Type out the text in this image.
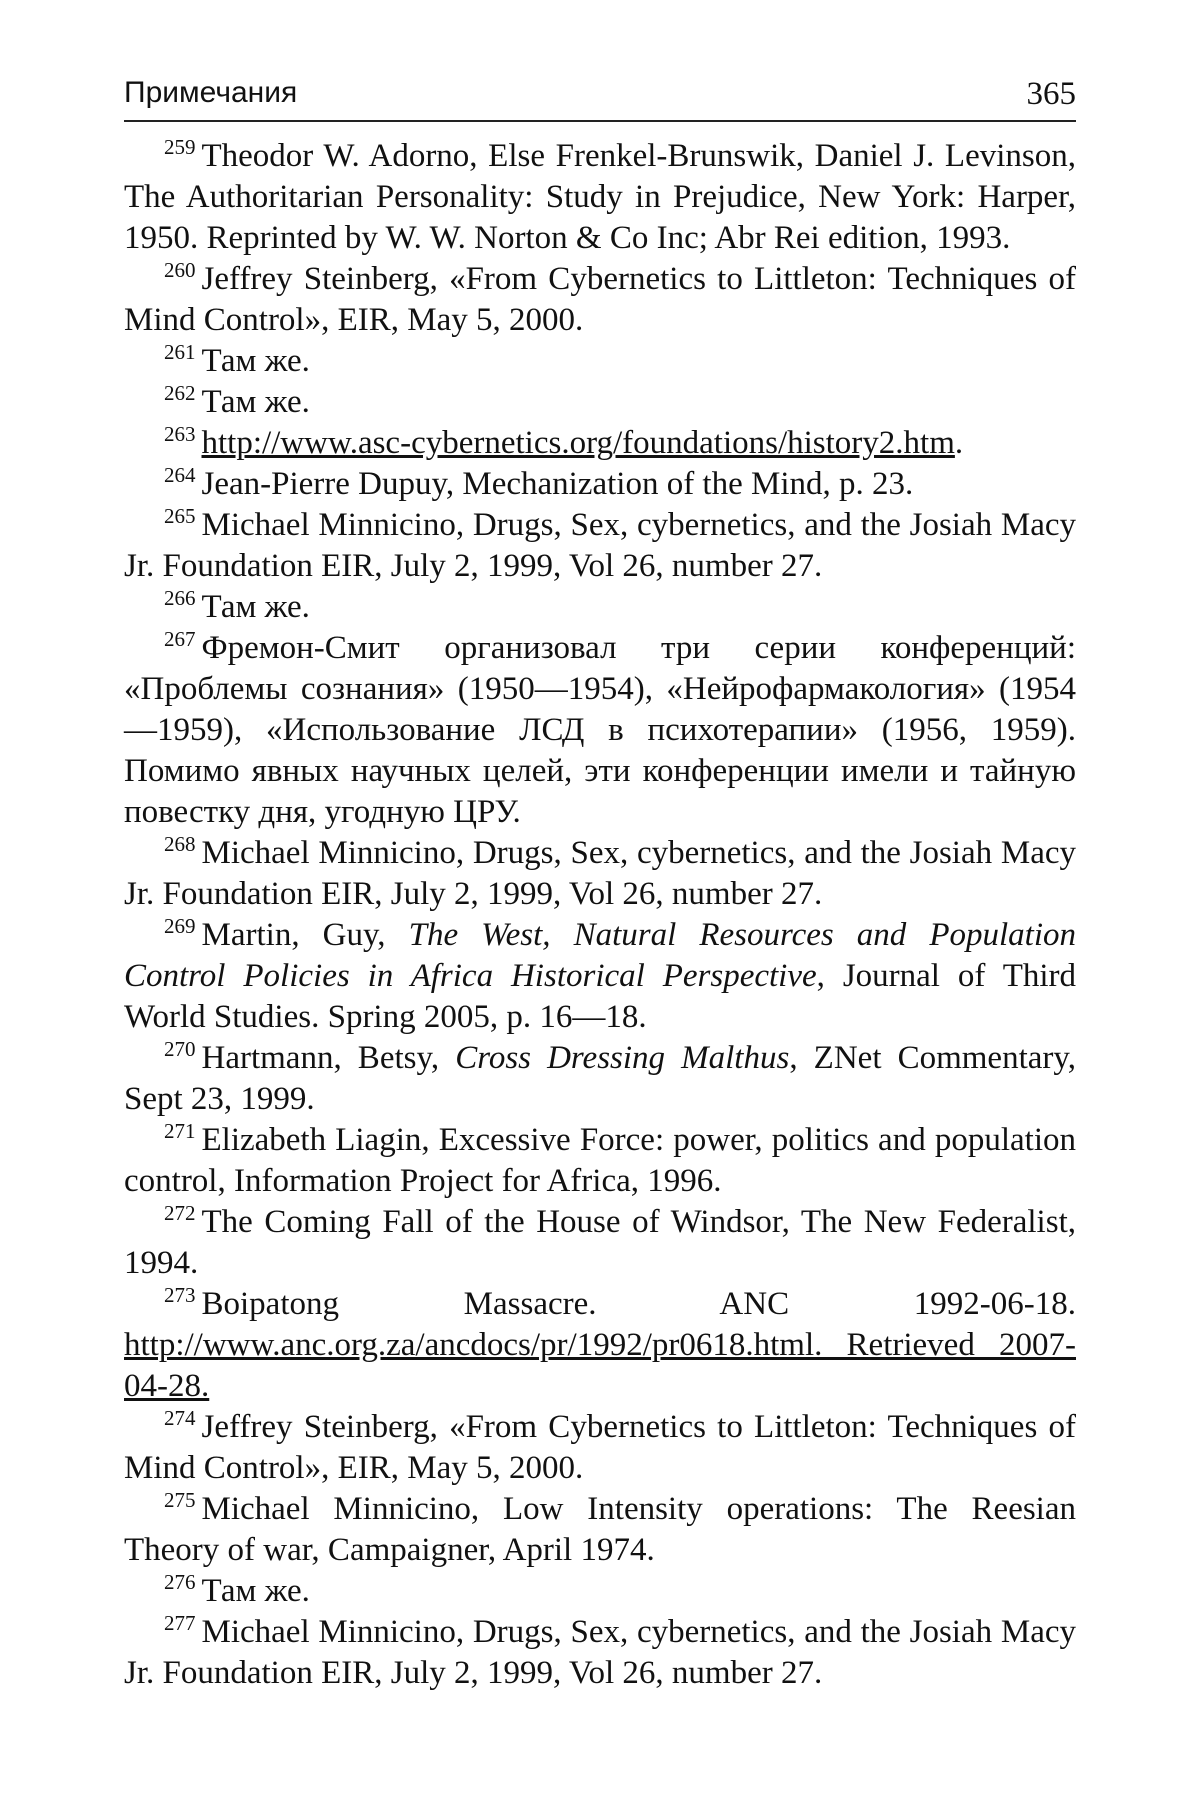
Примечания	365

$^{259}$ Theodor W. Adorno, Else Frenkel-Brunswik, Daniel J. Levinson, The Authoritarian Personality: Study in Prejudice, New York: Harper, 1950. Reprinted by W. W. Norton & Co Inc; Abr Rei edition, 1993.

$^{260}$ Jeffrey Steinberg, «From Cybernetics to Littleton: Techniques of Mind Control», EIR, May 5, 2000.

$^{261}$ Там же.

$^{262}$ Там же.

$^{263}$ http://www.asc-cybernetics.org/foundations/history2.htm.

$^{264}$ Jean-Pierre Dupuy, Mechanization of the Mind, p. 23.

$^{265}$ Michael Minnicino, Drugs, Sex, cybernetics, and the Josiah Macy Jr. Foundation EIR, July 2, 1999, Vol 26, number 27.

$^{266}$ Там же.

$^{267}$ Фремон-Смит организовал три серии конференций: «Проблемы сознания» (1950—1954), «Нейрофармакология» (1954—1959), «Использование ЛСД в психотерапии» (1956, 1959). Помимо явных научных целей, эти конференции имели и тайную повестку дня, угодную ЦРУ.

$^{268}$ Michael Minnicino, Drugs, Sex, cybernetics, and the Josiah Macy Jr. Foundation EIR, July 2, 1999, Vol 26, number 27.

$^{269}$ Martin, Guy, The West, Natural Resources and Population Control Policies in Africa Historical Perspective, Journal of Third World Studies. Spring 2005, p. 16—18.

$^{270}$ Hartmann, Betsy, Cross Dressing Malthus, ZNet Commentary, Sept 23, 1999.

$^{271}$ Elizabeth Liagin, Excessive Force: power, politics and population control, Information Project for Africa, 1996.

$^{272}$ The Coming Fall of the House of Windsor, The New Federalist, 1994.

$^{273}$ Boipatong Massacre. ANC 1992-06-18. http://www.anc.org.za/ancdocs/pr/1992/pr0618.html. Retrieved 2007-04-28.

$^{274}$ Jeffrey Steinberg, «From Cybernetics to Littleton: Techniques of Mind Control», EIR, May 5, 2000.

$^{275}$ Michael Minnicino, Low Intensity operations: The Reesian Theory of war, Campaigner, April 1974.

$^{276}$ Там же.

$^{277}$ Michael Minnicino, Drugs, Sex, cybernetics, and the Josiah Macy Jr. Foundation EIR, July 2, 1999, Vol 26, number 27.
